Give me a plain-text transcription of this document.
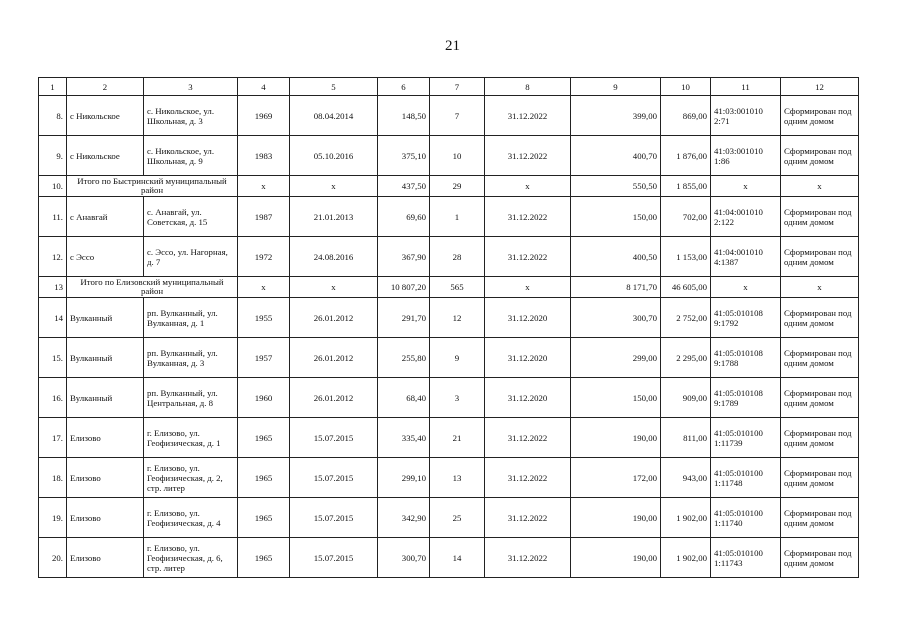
21
1	2	3	4	5	6	7	8	9	10	11	12
8.	с Никольское	с. Никольское, ул. Школьная, д. 3	1969	08.04.2014	148,50	7	31.12.2022	399,00	869,00	41:03:001010 2:71	Сформирован под одним домом
9.	с Никольское	с. Никольское, ул. Школьная, д. 9	1983	05.10.2016	375,10	10	31.12.2022	400,70	1 876,00	41:03:001010 1:86	Сформирован под одним домом
10.	Итого по Быстринский муниципальный район		х	х	437,50	29	х	550,50	1 855,00	х	х
11.	с Анавгай	с. Анавгай, ул. Советская, д. 15	1987	21.01.2013	69,60	1	31.12.2022	150,00	702,00	41:04:001010 2:122	Сформирован под одним домом
12.	с Эссо	с. Эссо, ул. Нагорная, д. 7	1972	24.08.2016	367,90	28	31.12.2022	400,50	1 153,00	41:04:001010 4:1387	Сформирован под одним домом
13	Итого по Елизовский муниципальный район		х	х	10 807,20	565	х	8 171,70	46 605,00	х	х
14	Вулканный	рп. Вулканный, ул. Вулканная, д. 1	1955	26.01.2012	291,70	12	31.12.2020	300,70	2 752,00	41:05:010108 9:1792	Сформирован под одним домом
15.	Вулканный	рп. Вулканный, ул. Вулканная, д. 3	1957	26.01.2012	255,80	9	31.12.2020	299,00	2 295,00	41:05:010108 9:1788	Сформирован под одним домом
16.	Вулканный	рп. Вулканный, ул. Центральная, д. 8	1960	26.01.2012	68,40	3	31.12.2020	150,00	909,00	41:05:010108 9:1789	Сформирован под одним домом
17.	Елизово	г. Елизово, ул. Геофизическая, д. 1	1965	15.07.2015	335,40	21	31.12.2022	190,00	811,00	41:05:010100 1:11739	Сформирован под одним домом
18.	Елизово	г. Елизово, ул. Геофизическая, д. 2, стр. литер	1965	15.07.2015	299,10	13	31.12.2022	172,00	943,00	41:05:010100 1:11748	Сформирован под одним домом
19.	Елизово	г. Елизово, ул. Геофизическая, д. 4	1965	15.07.2015	342,90	25	31.12.2022	190,00	1 902,00	41:05:010100 1:11740	Сформирован под одним домом
20.	Елизово	г. Елизово, ул. Геофизическая, д. 6, стр. литер	1965	15.07.2015	300,70	14	31.12.2022	190,00	1 902,00	41:05:010100 1:11743	Сформирован под одним домом
